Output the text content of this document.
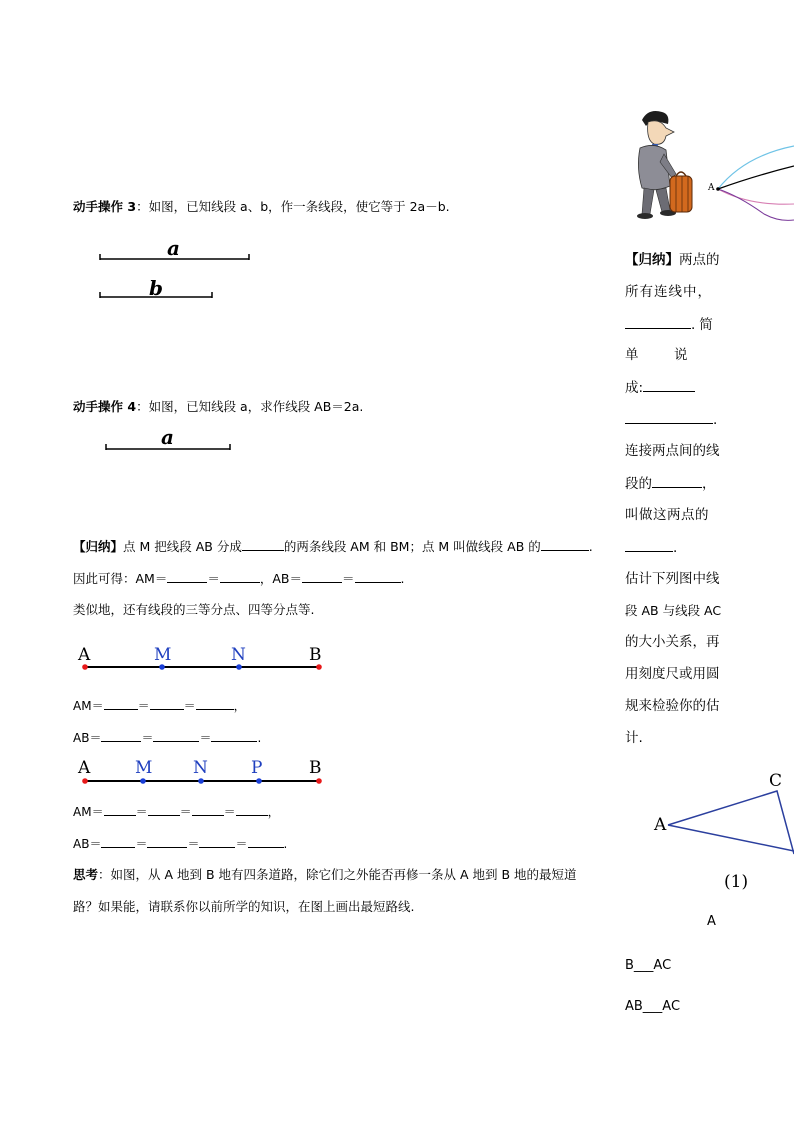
动手操作 3：如图，已知线段 a、b，作一条线段，使它等于 2a－b.
a
b
动手操作 4：如图，已知线段 a，求作线段 AB＝2a.
a
【归纳】点 M 把线段 AB 分成	的两条线段 AM 和 BM；点 M 叫做线段 AB 的	.
因此可得：AM＝	＝	，AB＝	＝	.
类似地，还有线段的三等分点、四等分点等.
A	M	N	B
AM＝	＝	＝	，
AB＝	＝	＝	.
A	M N	P	B
AM＝	＝	＝	＝	，
AB＝	＝	＝	＝	.
思考：如图，从 A 地到 B 地有四条道路，除它们之外能否再修一条从 A 地到 B 地的最短道
路？如果能，请联系你以前所学的知识，在图上画出最短路线.
A
【归纳】两点的
所有连线中，
.简
单	说
成:
.
连接两点间的线
段的	，
叫做这两点的
.
估计下列图中线
段 AB 与线段 AC
的大小关系，再
用刻度尺或用圆
规来检验你的估
计.
A
C
(1)
A
B___AC
AB___AC
